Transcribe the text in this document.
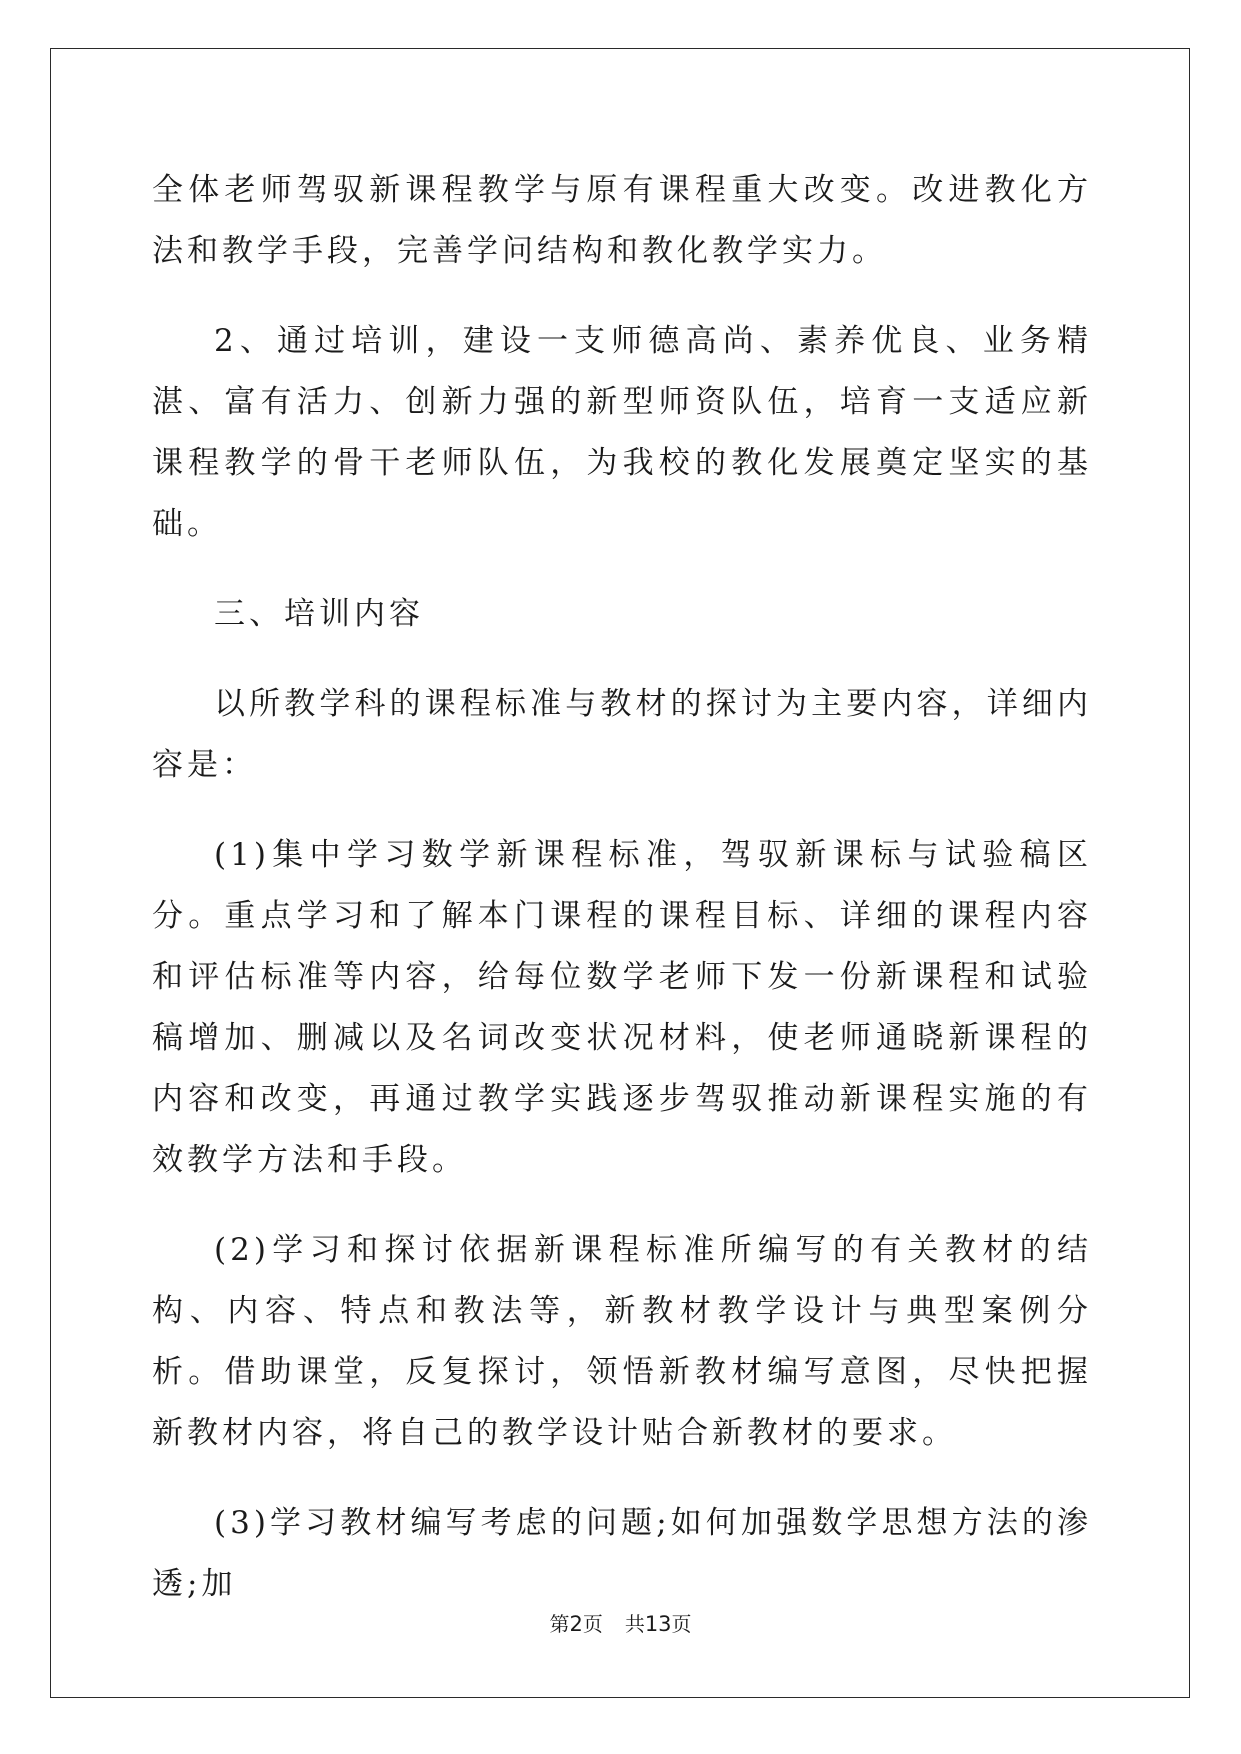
全体老师驾驭新课程教学与原有课程重大改变。改进教化方法和教学手段，完善学问结构和教化教学实力。

2、通过培训，建设一支师德高尚、素养优良、业务精湛、富有活力、创新力强的新型师资队伍，培育一支适应新课程教学的骨干老师队伍，为我校的教化发展奠定坚实的基础。

三、培训内容

以所教学科的课程标准与教材的探讨为主要内容，详细内容是：

(1)集中学习数学新课程标准，驾驭新课标与试验稿区分。重点学习和了解本门课程的课程目标、详细的课程内容和评估标准等内容，给每位数学老师下发一份新课程和试验稿增加、删减以及名词改变状况材料，使老师通晓新课程的内容和改变，再通过教学实践逐步驾驭推动新课程实施的有效教学方法和手段。

(2)学习和探讨依据新课程标准所编写的有关教材的结构、内容、特点和教法等，新教材教学设计与典型案例分析。借助课堂，反复探讨，领悟新教材编写意图，尽快把握新教材内容，将自己的教学设计贴合新教材的要求。

(3)学习教材编写考虑的问题;如何加强数学思想方法的渗透;加

第2页 共13页
